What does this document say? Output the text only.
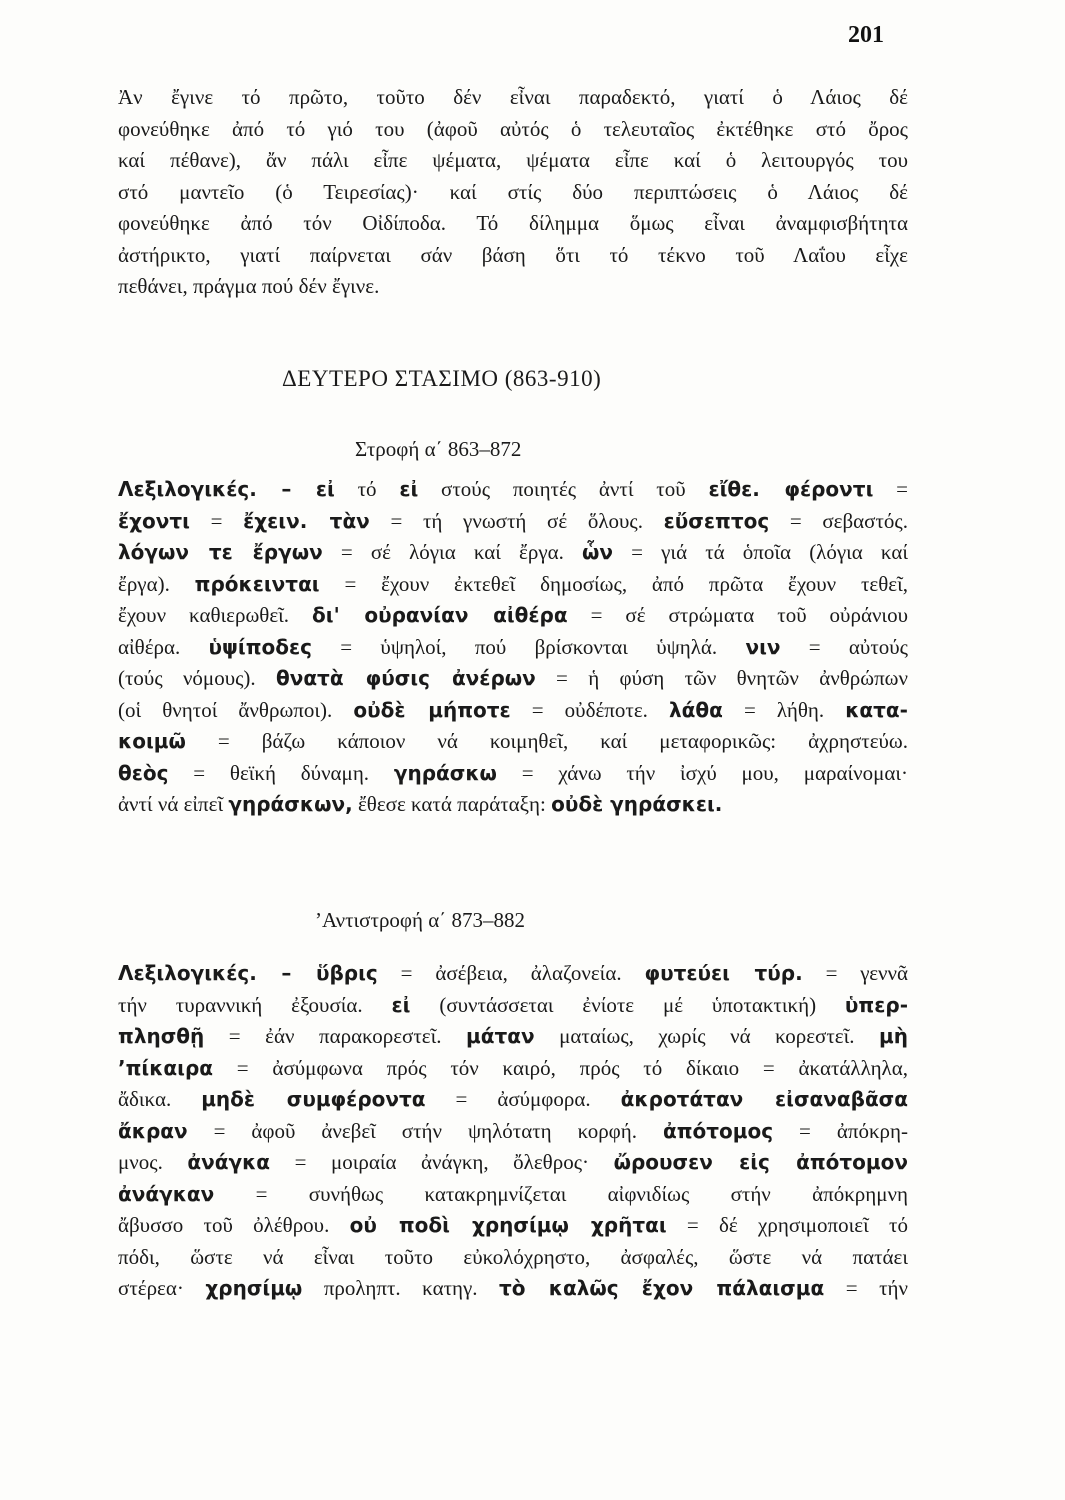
201
Ἀν ἔγινε τό πρῶτο, τοῦτο δέν εἶναι παραδεκτό, γιατί ὁ Λάιος δέ
φονεύθηκε ἀπό τό γιό του (ἀφοῦ αὐτός ὁ τελευταῖος ἐκτέθηκε στό ὄρος
καί πέθανε), ἄν πάλι εἶπε ψέματα, ψέματα εἶπε καί ὁ λειτουργός του
στό μαντεῖο (ὁ Τειρεσίας)· καί στίς δύο περιπτώσεις ὁ Λάιος δέ
φονεύθηκε ἀπό τόν Οἰδίποδα. Τό δίλημμα ὅμως εἶναι ἀναμφισβήτητα
ἀστήρικτο, γιατί παίρνεται σάν βάση ὅτι τό τέκνο τοῦ Λαΐου εἶχε
πεθάνει, πράγμα πού δέν ἔγινε.
ΔΕΥΤΕΡΟ ΣΤΑΣΙΜΟ (863-910)
Στροφή α΄ 863–872
Λεξιλογικές. – εἰ τό εἰ στούς ποιητές ἀντί τοῦ εἴθε. φέροντι =
ἔχοντι = ἔχειν. τὰν = τή γνωστή σέ ὅλους. εὔσεπτος = σεβαστός.
λόγων τε ἔργων = σέ λόγια καί ἔργα. ὧν = γιά τά ὁποῖα (λόγια καί
ἔργα). πρόκεινται = ἔχουν ἐκτεθεῖ δημοσίως, ἀπό πρῶτα ἔχουν τεθεῖ,
ἔχουν καθιερωθεῖ. δι' οὐρανίαν αἰθέρα = σέ στρώματα τοῦ οὐράνιου
αἰθέρα. ὑψίποδες = ὑψηλοί, πού βρίσκονται ὑψηλά. νιν = αὐτούς
(τούς νόμους). θνατὰ φύσις ἀνέρων = ἡ φύση τῶν θνητῶν ἀνθρώπων
(οἱ θνητοί ἄνθρωποι). οὐδὲ μήποτε = οὐδέποτε. λάθα = λήθη. κατα-
κοιμῶ = βάζω κάποιον νά κοιμηθεῖ, καί μεταφορικῶς: ἀχρηστεύω.
θεὸς = θεϊκή δύναμη. γηράσκω = χάνω τήν ἰσχύ μου, μαραίνομαι·
ἀντί νά εἰπεῖ γηράσκων, ἔθεσε κατά παράταξη: οὐδὲ γηράσκει.
’Αντιστροφή α΄ 873–882
Λεξιλογικές. – ὕβρις = ἀσέβεια, ἀλαζονεία. φυτεύει τύρ. = γεννᾶ
τήν τυραννική ἐξουσία. εἰ (συντάσσεται ἐνίοτε μέ ὑποτακτική) ὑπερ-
πλησθῇ = ἐάν παρακορεστεῖ. μάταν ματαίως, χωρίς νά κορεστεῖ. μὴ
’πίκαιρα = ἀσύμφωνα πρός τόν καιρό, πρός τό δίκαιο = ἀκατάλληλα,
ἄδικα. μηδὲ συμφέροντα = ἀσύμφορα. ἀκροτάταν εἰσαναβᾶσα
ἄκραν = ἀφοῦ ἀνεβεῖ στήν ψηλότατη κορφή. ἀπότομος = ἀπόκρη-
μνος. ἀνάγκα = μοιραία ἀνάγκη, ὄλεθρος· ὤρουσεν εἰς ἀπότομον
ἀνάγκαν = συνήθως κατακρημνίζεται αἰφνιδίως στήν ἀπόκρημνη
ἄβυσσο τοῦ ὀλέθρου. οὐ ποδὶ χρησίμῳ χρῆται = δέ χρησιμοποιεῖ τό
πόδι, ὥστε νά εἶναι τοῦτο εὐκολόχρηστο, ἀσφαλές, ὥστε νά πατάει
στέρεα· χρησίμῳ προληπτ. κατηγ. τὸ καλῶς ἔχον πάλαισμα = τήν
